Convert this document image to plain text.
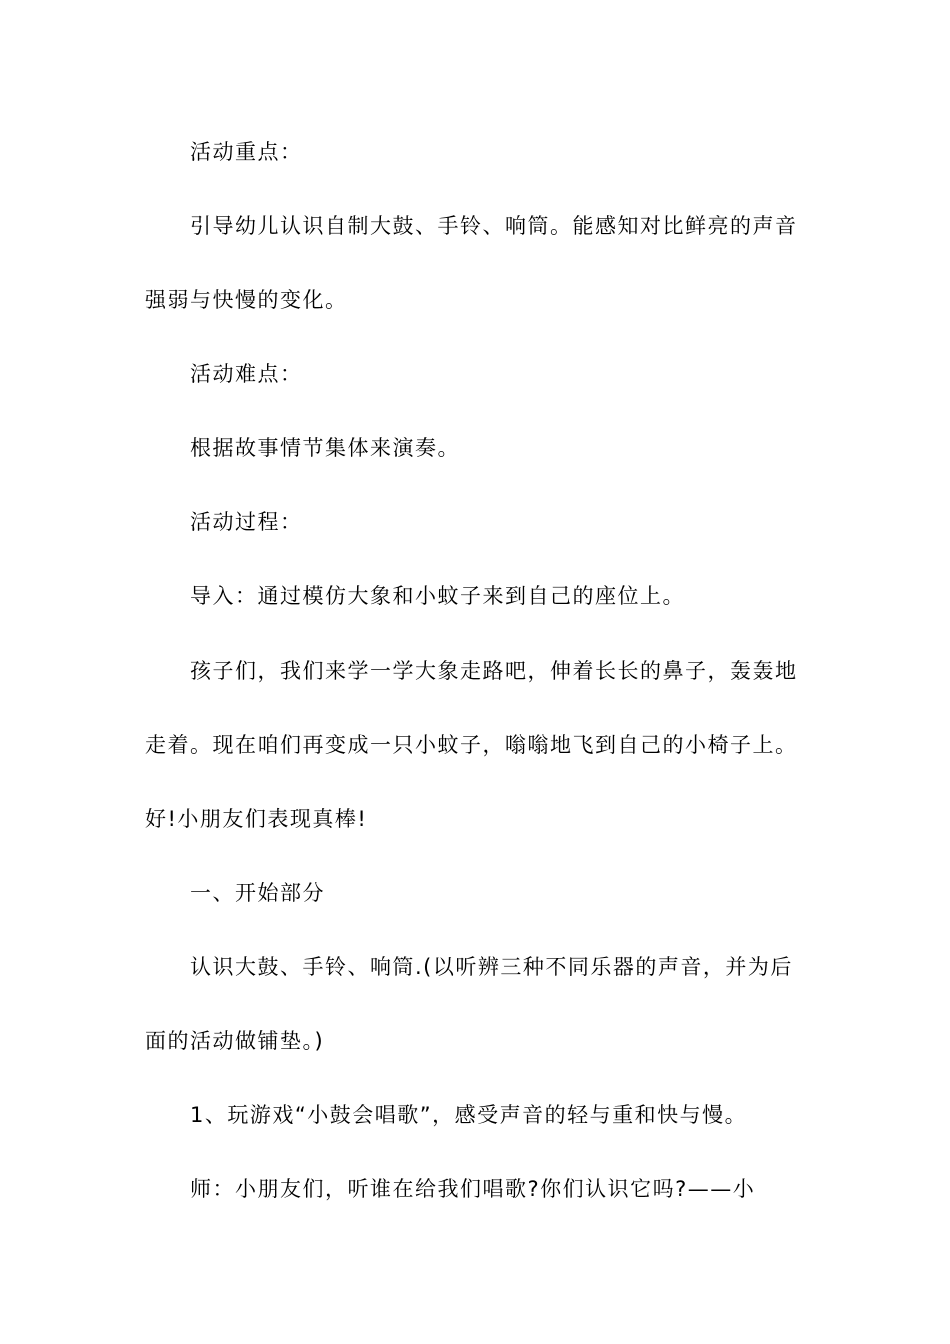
活动重点：
引导幼儿认识自制大鼓、手铃、响筒。能感知对比鲜亮的声音
强弱与快慢的变化。
活动难点：
根据故事情节集体来演奏。
活动过程：
导入：通过模仿大象和小蚊子来到自己的座位上。
孩子们，我们来学一学大象走路吧，伸着长长的鼻子，轰轰地
走着。现在咱们再变成一只小蚊子，嗡嗡地飞到自己的小椅子上。
好!小朋友们表现真棒!
一、开始部分
认识大鼓、手铃、响筒.(以听辨三种不同乐器的声音，并为后
面的活动做铺垫。)
1、玩游戏“小鼓会唱歌”，感受声音的轻与重和快与慢。
师：小朋友们，听谁在给我们唱歌?你们认识它吗?——小
